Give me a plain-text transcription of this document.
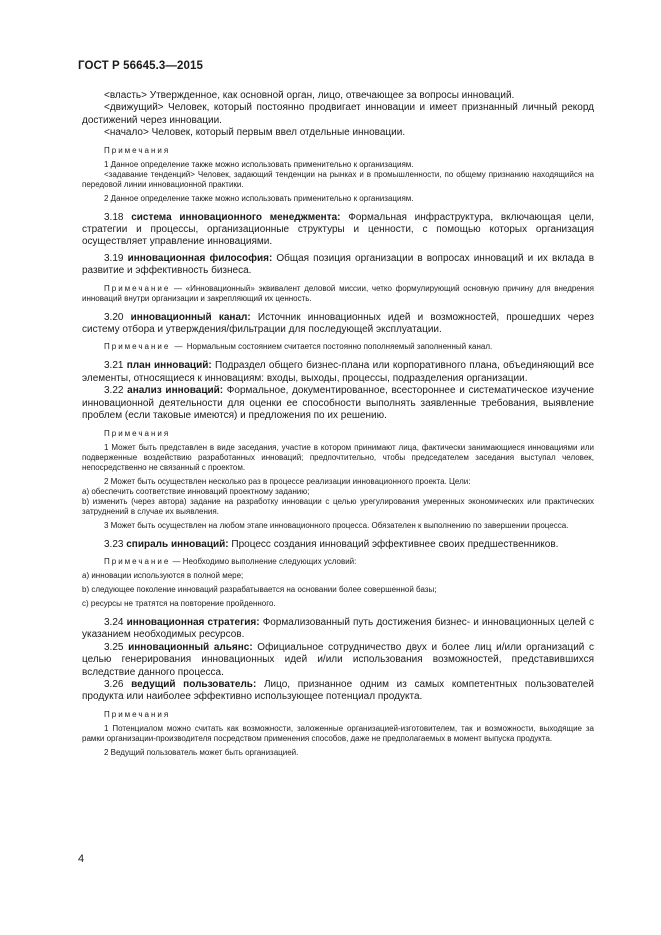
ГОСТ Р 56645.3—2015

<власть> Утвержденное, как основной орган, лицо, отвечающее за вопросы инноваций.

<движущий> Человек, который постоянно продвигает инновации и имеет признанный личный рекорд достижений через инновации.

<начало> Человек, который первым ввел отдельные инновации.

Примечания

1 Данное определение также можно использовать применительно к организациям.

<задавание тенденций> Человек, задающий тенденции на рынках и в промышленности, по общему признанию находящийся на передовой линии инновационной практики.

2 Данное определение также можно использовать применительно к организациям.

3.18 система инновационного менеджмента: Формальная инфраструктура, включающая цели, стратегии и процессы, организационные структуры и ценности, с помощью которых организация осуществляет управление инновациями.

3.19 инновационная философия: Общая позиция организации в вопросах инноваций и их вклада в развитие и эффективность бизнеса.

Примечание — «Инновационный» эквивалент деловой миссии, четко формулирующий основную причину для внедрения инноваций внутри организации и закрепляющий их ценность.

3.20 инновационный канал: Источник инновационных идей и возможностей, прошедших через систему отбора и утверждения/фильтрации для последующей эксплуатации.

Примечание — Нормальным состоянием считается постоянно пополняемый заполненный канал.

3.21 план инноваций: Подраздел общего бизнес-плана или корпоративного плана, объединяющий все элементы, относящиеся к инновациям: входы, выходы, процессы, подразделения организации.

3.22 анализ инноваций: Формальное, документированное, всестороннее и систематическое изучение инновационной деятельности для оценки ее способности выполнять заявленные требования, выявление проблем (если таковые имеются) и предложения по их решению.

Примечания

1 Может быть представлен в виде заседания, участие в котором принимают лица, фактически занимающиеся инновациями или подверженные воздействию разработанных инноваций; предпочтительно, чтобы председателем заседания выступал человек, непосредственно не связанный с проектом.

2 Может быть осуществлен несколько раз в процессе реализации инновационного проекта. Цели:

а) обеспечить соответствие инноваций проектному заданию;

b) изменить (через автора) задание на разработку инновации с целью урегулирования умеренных экономических или практических затруднений в случае их выявления.

3 Может быть осуществлен на любом этапе инновационного процесса. Обязателен к выполнению по завершении процесса.

3.23 спираль инноваций: Процесс создания инноваций эффективнее своих предшественников.

Примечание — Необходимо выполнение следующих условий:

a) инновации используются в полной мере;

b) следующее поколение инноваций разрабатывается на основании более совершенной базы;

c) ресурсы не тратятся на повторение пройденного.

3.24 инновационная стратегия: Формализованный путь достижения бизнес- и инновационных целей с указанием необходимых ресурсов.

3.25 инновационный альянс: Официальное сотрудничество двух и более лиц и/или организаций с целью генерирования инновационных идей и/или использования возможностей, представившихся вследствие данного процесса.

3.26 ведущий пользователь: Лицо, признанное одним из самых компетентных пользователей продукта или наиболее эффективно использующее потенциал продукта.

Примечания

1 Потенциалом можно считать как возможности, заложенные организацией-изготовителем, так и возможности, выходящие за рамки организации-производителя посредством применения способов, даже не предполагаемых в момент выпуска продукта.

2 Ведущий пользователь может быть организацией.

4
